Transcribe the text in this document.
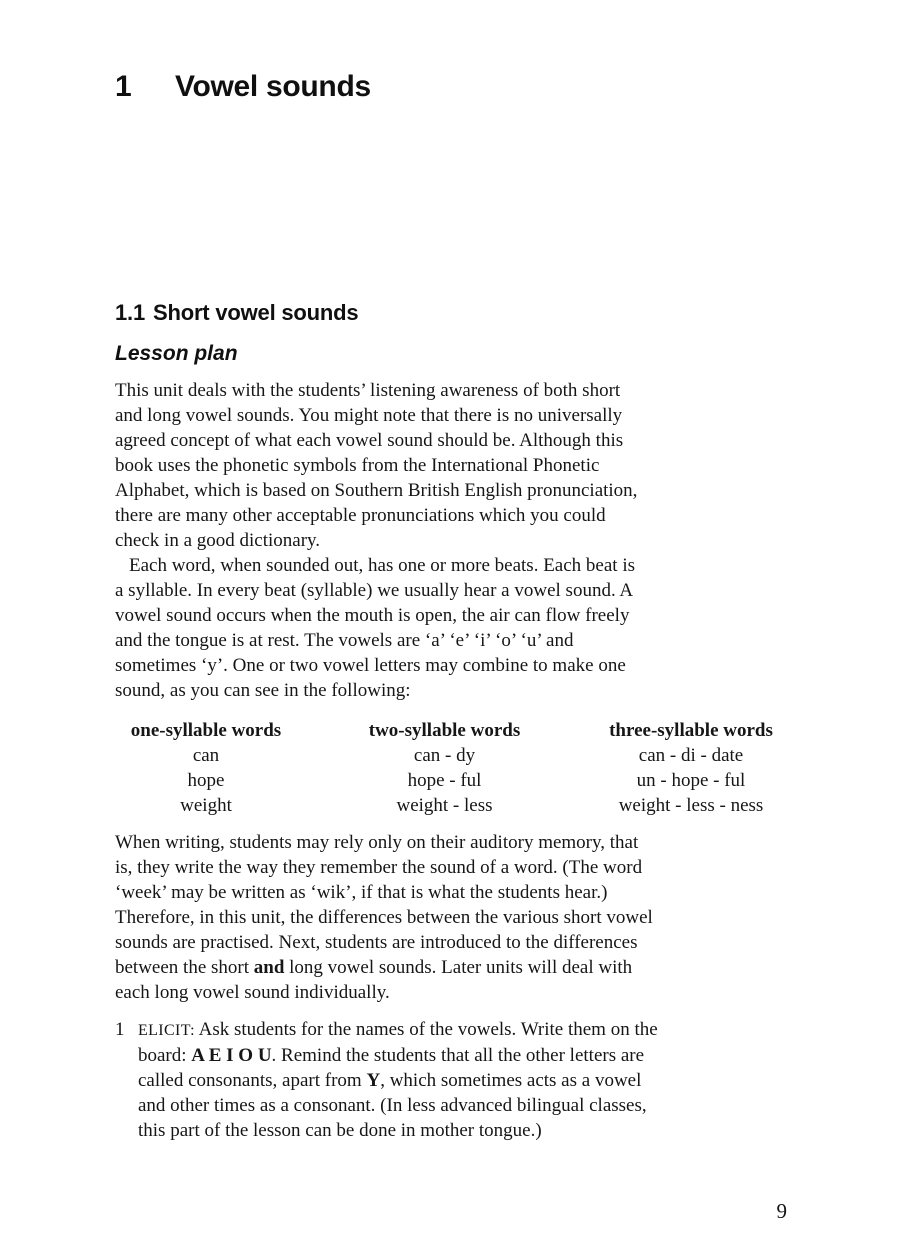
1	Vowel sounds
1.1 Short vowel sounds
Lesson plan
This unit deals with the students’ listening awareness of both short
and long vowel sounds. You might note that there is no universally
agreed concept of what each vowel sound should be. Although this
book uses the phonetic symbols from the International Phonetic
Alphabet, which is based on Southern British English pronunciation,
there are many other acceptable pronunciations which you could
check in a good dictionary.
Each word, when sounded out, has one or more beats. Each beat is
a syllable. In every beat (syllable) we usually hear a vowel sound. A
vowel sound occurs when the mouth is open, the air can flow freely
and the tongue is at rest. The vowels are ‘a’ ‘e’ ‘i’ ‘o’ ‘u’ and
sometimes ‘y’. One or two vowel letters may combine to make one
sound, as you can see in the following:
one-syllable words
can
hope
weight
two-syllable words
can - dy
hope - ful
weight - less
three-syllable words
can - di - date
un - hope - ful
weight - less - ness
When writing, students may rely only on their auditory memory, that
is, they write the way they remember the sound of a word. (The word
‘week’ may be written as ‘wik’, if that is what the students hear.)
Therefore, in this unit, the differences between the various short vowel
sounds are practised. Next, students are introduced to the differences
between the short and long vowel sounds. Later units will deal with
each long vowel sound individually.
1 ELICIT: Ask students for the names of the vowels. Write them on the
board: A E I O U. Remind the students that all the other letters are
called consonants, apart from Y, which sometimes acts as a vowel
and other times as a consonant. (In less advanced bilingual classes,
this part of the lesson can be done in mother tongue.)
9
